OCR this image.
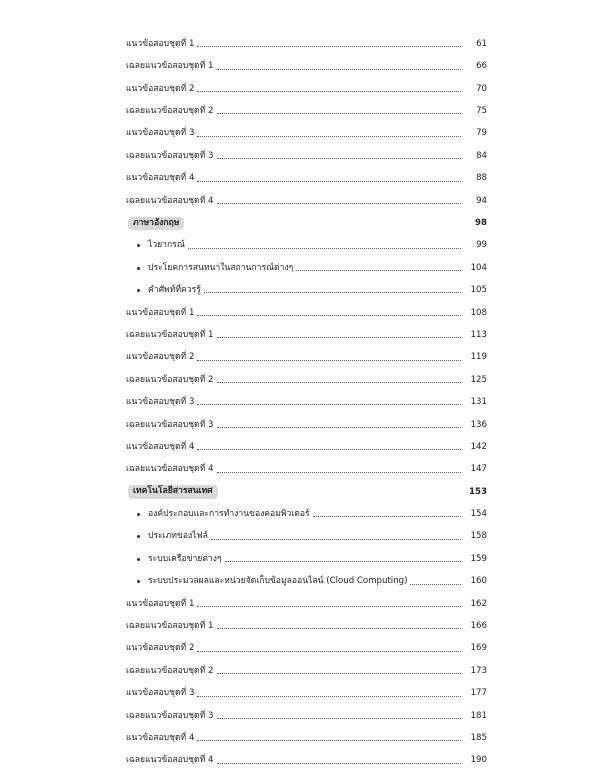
แนวข้อสอบชุดที่ 1	61
เฉลยแนวข้อสอบชุดที่ 1	66
แนวข้อสอบชุดที่ 2	70
เฉลยแนวข้อสอบชุดที่ 2	75
แนวข้อสอบชุดที่ 3	79
เฉลยแนวข้อสอบชุดที่ 3	84
แนวข้อสอบชุดที่ 4	88
เฉลยแนวข้อสอบชุดที่ 4	94
ภาษาอังกฤษ	98
ไวยากรณ์	99
ประโยคการสนทนาในสถานการณ์ต่างๆ	104
คำศัพท์ที่ควรรู้	105
แนวข้อสอบชุดที่ 1	108
เฉลยแนวข้อสอบชุดที่ 1	113
แนวข้อสอบชุดที่ 2	119
เฉลยแนวข้อสอบชุดที่ 2	125
แนวข้อสอบชุดที่ 3	131
เฉลยแนวข้อสอบชุดที่ 3	136
แนวข้อสอบชุดที่ 4	142
เฉลยแนวข้อสอบชุดที่ 4	147
เทคโนโลยีสารสนเทศ	153
องค์ประกอบและการทำงานของคอมพิวเตอร์	154
ประเภทของไฟล์	158
ระบบเครือข่ายต่างๆ	159
ระบบประมวลผลและหน่วยจัดเก็บข้อมูลออนไลน์ (Cloud Computing)	160
แนวข้อสอบชุดที่ 1	162
เฉลยแนวข้อสอบชุดที่ 1	166
แนวข้อสอบชุดที่ 2	169
เฉลยแนวข้อสอบชุดที่ 2	173
แนวข้อสอบชุดที่ 3	177
เฉลยแนวข้อสอบชุดที่ 3	181
แนวข้อสอบชุดที่ 4	185
เฉลยแนวข้อสอบชุดที่ 4	190
